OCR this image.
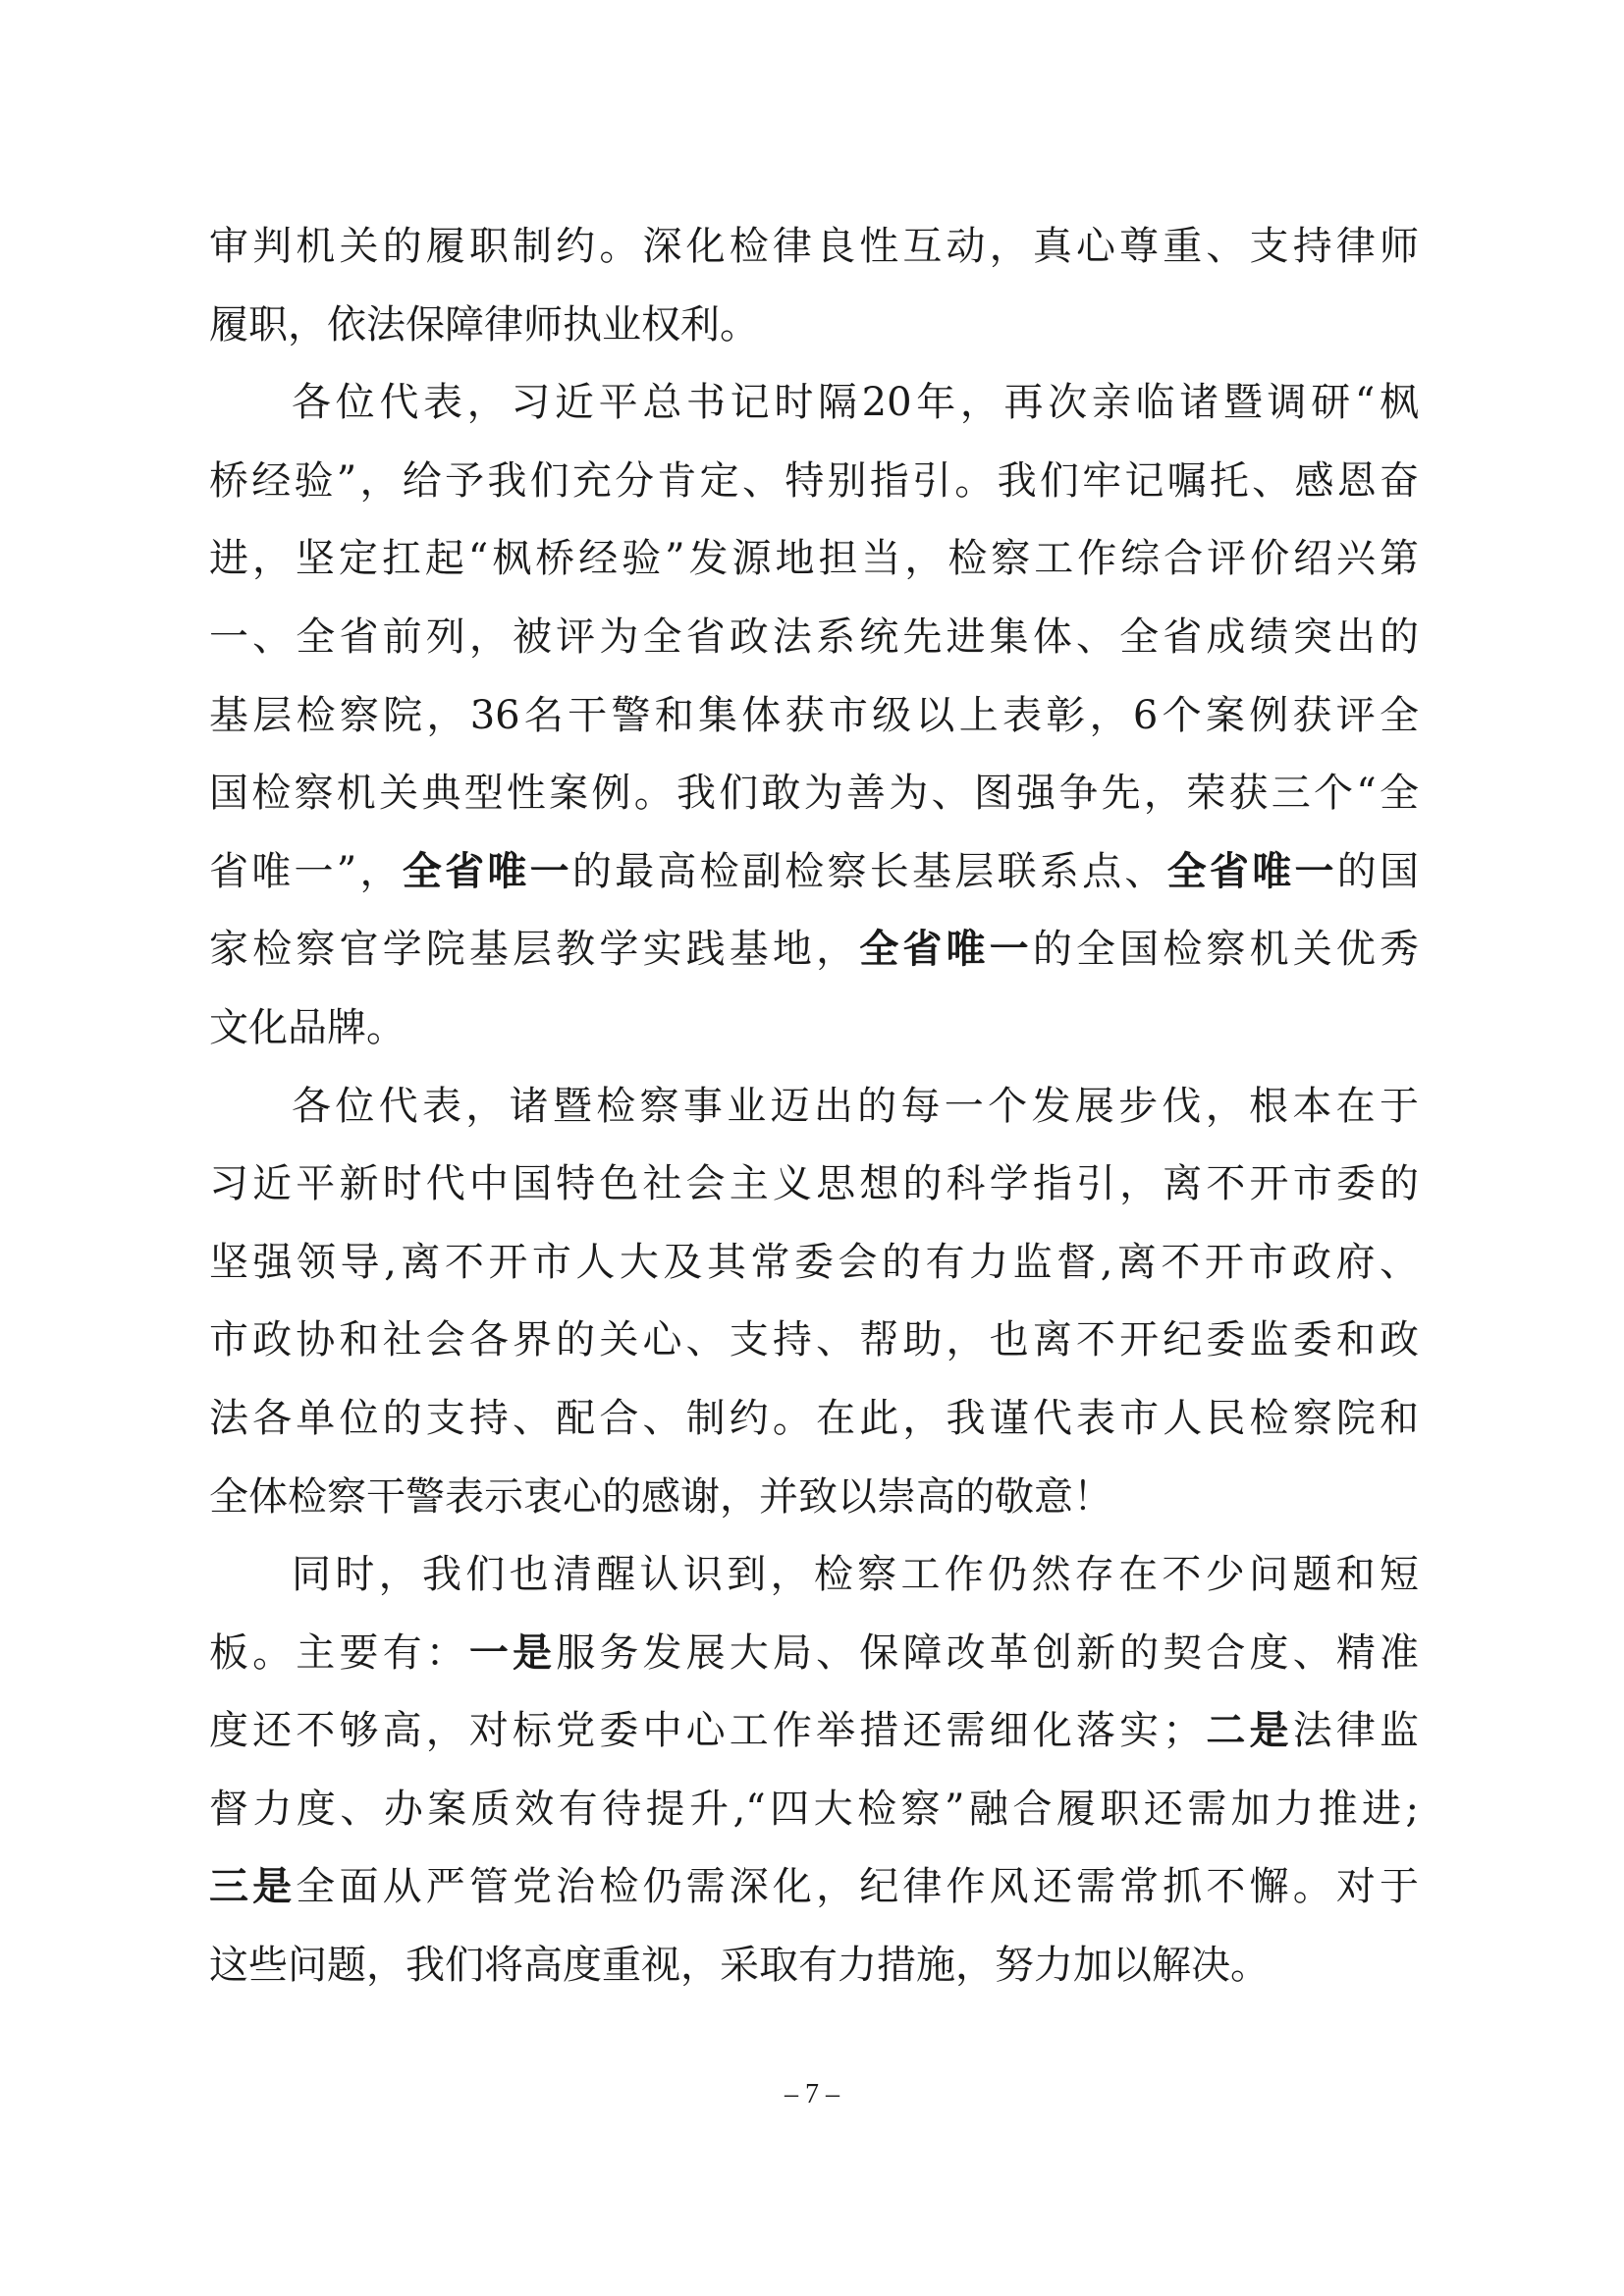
审判机关的履职制约。深化检律良性互动，真心尊重、支持律师
履职，依法保障律师执业权利。
各位代表，习近平总书记时隔20年，再次亲临诸暨调研“枫
桥经验”，给予我们充分肯定、特别指引。我们牢记嘱托、感恩奋
进，坚定扛起“枫桥经验”发源地担当，检察工作综合评价绍兴第
一、全省前列，被评为全省政法系统先进集体、全省成绩突出的
基层检察院，36名干警和集体获市级以上表彰，6个案例获评全
国检察机关典型性案例。我们敢为善为、图强争先，荣获三个“全
省唯一”，全省唯一的最高检副检察长基层联系点、全省唯一的国
家检察官学院基层教学实践基地，全省唯一的全国检察机关优秀
文化品牌。
各位代表，诸暨检察事业迈出的每一个发展步伐，根本在于
习近平新时代中国特色社会主义思想的科学指引，离不开市委的
坚强领导,离不开市人大及其常委会的有力监督,离不开市政府、
市政协和社会各界的关心、支持、帮助，也离不开纪委监委和政
法各单位的支持、配合、制约。在此，我谨代表市人民检察院和
全体检察干警表示衷心的感谢，并致以崇高的敬意！
同时，我们也清醒认识到，检察工作仍然存在不少问题和短
板。主要有：一是服务发展大局、保障改革创新的契合度、精准
度还不够高，对标党委中心工作举措还需细化落实；二是法律监
督力度、办案质效有待提升,“四大检察”融合履职还需加力推进;
三是全面从严管党治检仍需深化，纪律作风还需常抓不懈。对于
这些问题，我们将高度重视，采取有力措施，努力加以解决。
– 7 –
